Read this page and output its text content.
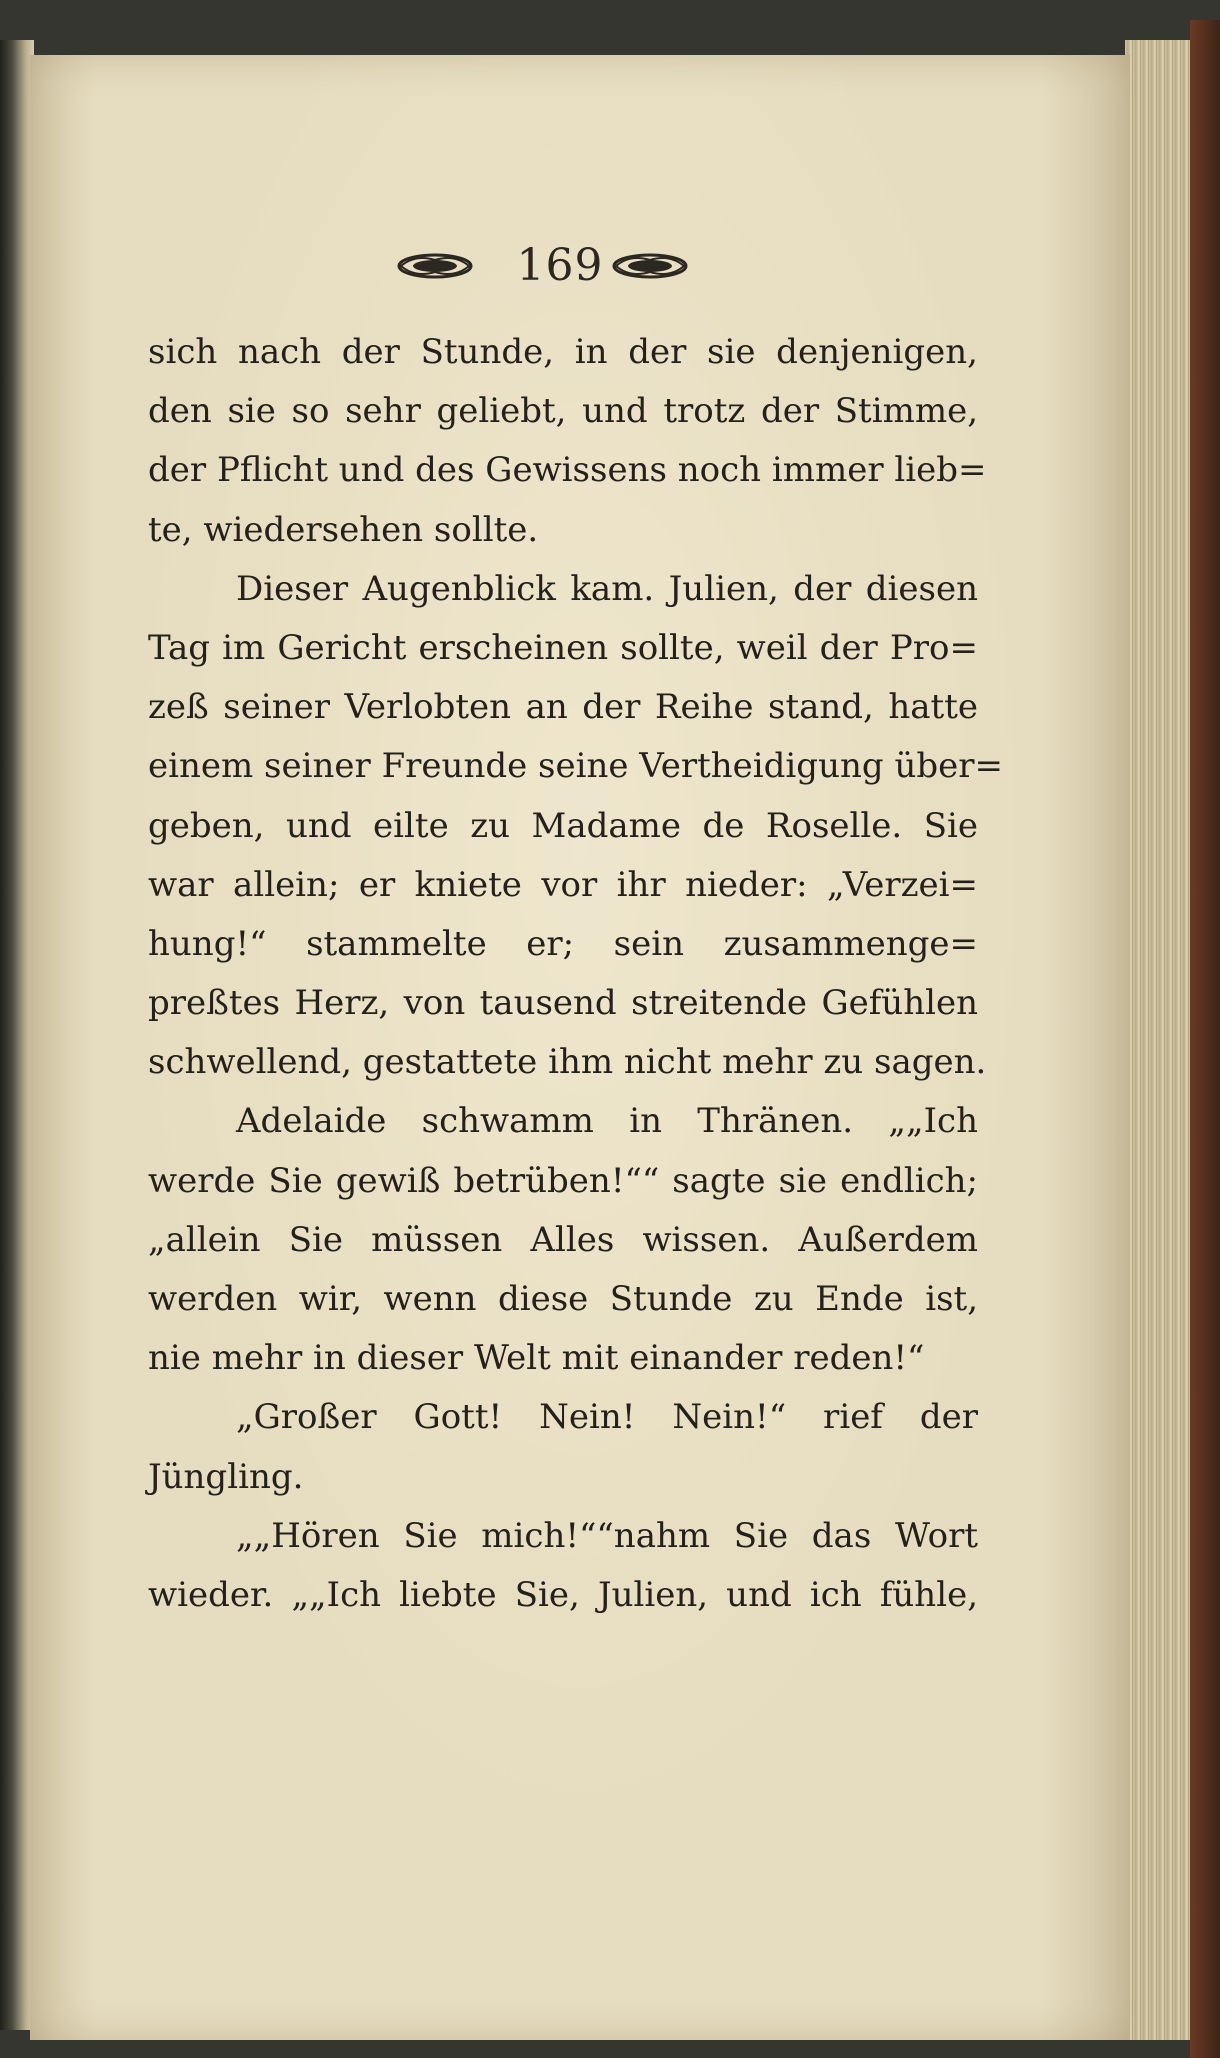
169
sich nach der Stunde, in der sie denjenigen,
den sie so sehr geliebt, und trotz der Stimme,
der Pflicht und des Gewissens noch immer lieb=
te, wiedersehen sollte.
Dieser Augenblick kam. Julien, der diesen
Tag im Gericht erscheinen sollte, weil der Pro=
zeß seiner Verlobten an der Reihe stand, hatte
einem seiner Freunde seine Vertheidigung über=
geben, und eilte zu Madame de Roselle. Sie
war allein; er kniete vor ihr nieder: „Verzei=
hung!“ stammelte er; sein zusammenge=
preßtes Herz, von tausend streitende Gefühlen
schwellend, gestattete ihm nicht mehr zu sagen.
Adelaide schwamm in Thränen. „„Ich
werde Sie gewiß betrüben!““ sagte sie endlich;
„allein Sie müssen Alles wissen. Außerdem
werden wir, wenn diese Stunde zu Ende ist,
nie mehr in dieser Welt mit einander reden!“
„Großer Gott! Nein! Nein!“ rief der
Jüngling.
„„Hören Sie mich!““nahm Sie das Wort
wieder. „„Ich liebte Sie, Julien, und ich fühle,
